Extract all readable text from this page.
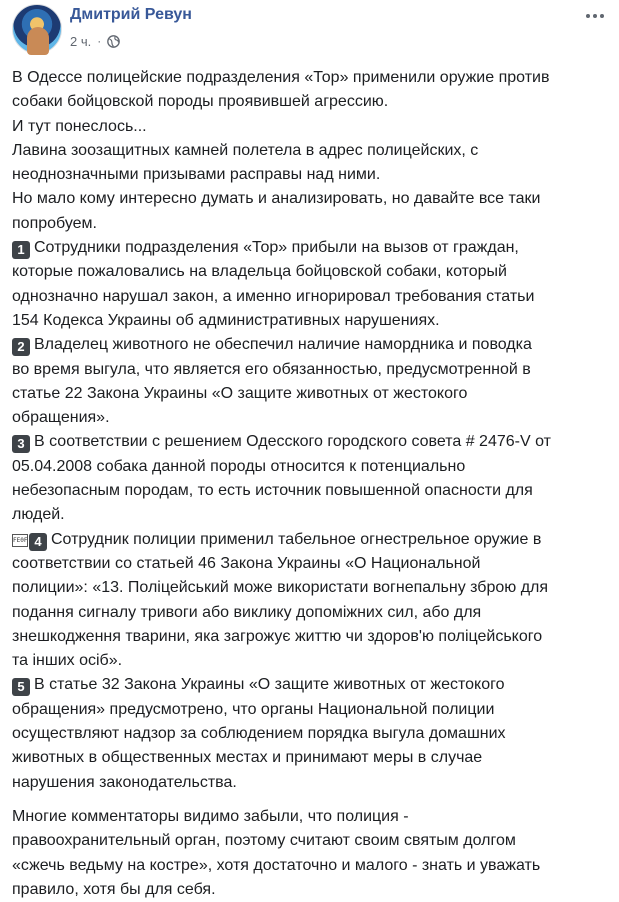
Дмитрий Ревун
2 ч. ·

В Одессе полицейские подразделения «Тор» применили оружие против

собаки бойцовской породы проявившей агрессию.

И тут понеслось...

Лавина зоозащитных камней полетела в адрес полицейских, с

неоднозначными призывами расправы над ними.

Но мало кому интересно думать и анализировать, но давайте все таки

попробуем.

1 Сотрудники подразделения «Тор» прибыли на вызов от граждан,

которые пожаловались на владельца бойцовской собаки, который

однозначно нарушал закон, а именно игнорировал требования статьи

154 Кодекса Украины об административных нарушениях.

2 Владелец животного не обеспечил наличие намордника и поводка

во время выгула, что является его обязанностью, предусмотренной в

статье 22 Закона Украины «О защите животных от жестокого

обращения».

3 В соответствии с решением Одесского городского совета # 2476-V от

05.04.2008 собака данной породы относится к потенциально

небезопасным породам, то есть источник повышенной опасности для

людей.

FE0F 4 Сотрудник полиции применил табельное огнестрельное оружие в

соответствии со статьей 46 Закона Украины «О Национальной

полиции»: «13. Поліцейський може використати вогнепальну зброю для

подання сигналу тривоги або виклику допоміжних сил, або для

знешкодження тварини, яка загрожує життю чи здоров'ю поліцейського

та інших осіб».

5 В статье 32 Закона Украины «О защите животных от жестокого

обращения» предусмотрено, что органы Национальной полиции

осуществляют надзор за соблюдением порядка выгула домашних

животных в общественных местах и принимают меры в случае

нарушения законодательства.

Многие комментаторы видимо забыли, что полиция -

правоохранительный орган, поэтому считают своим святым долгом

«сжечь ведьму на костре», хотя достаточно и малого - знать и уважать

правило, хотя бы для себя.
